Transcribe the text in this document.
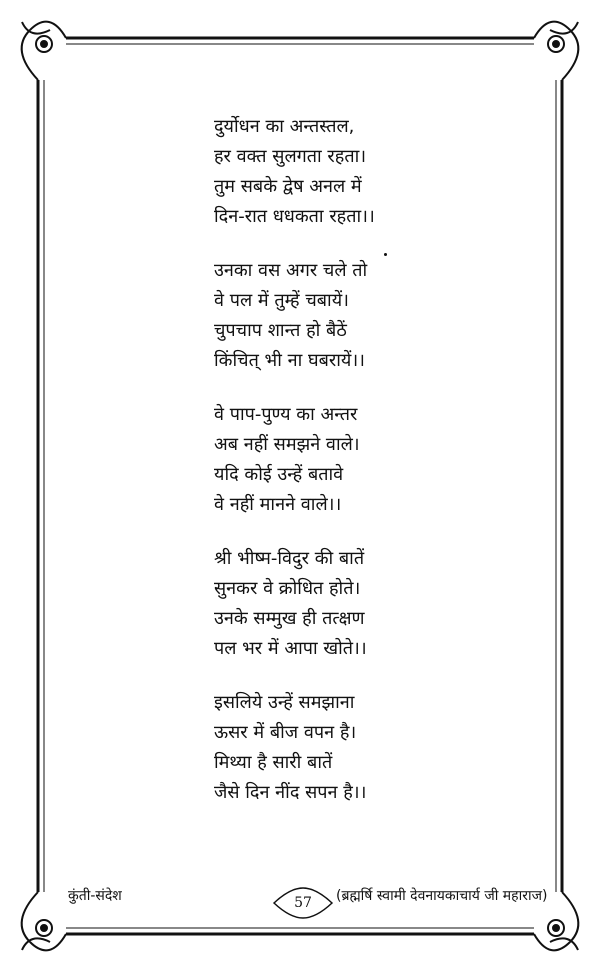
दुर्योधन का अन्तस्तल,
हर वक्त सुलगता रहता।
तुम सबके द्वेष अनल में
दिन-रात धधकता रहता।।
उनका वस अगर चले तो
वे पल में तुम्हें चबायें।
चुपचाप शान्त हो बैठें
किंचित् भी ना घबरायें।।
वे पाप-पुण्य का अन्तर
अब नहीं समझने वाले।
यदि कोई उन्हें बतावे
वे नहीं मानने वाले।।
श्री भीष्म-विदुर की बातें
सुनकर वे क्रोधित होते।
उनके सम्मुख ही तत्क्षण
पल भर में आपा खोते।।
इसलिये उन्हें समझाना
ऊसर में बीज वपन है।
मिथ्या है सारी बातें
जैसे दिन नींद सपन है।।
कुंती-संदेश	57	(ब्रह्मर्षि स्वामी देवनायकाचार्य जी महाराज)
